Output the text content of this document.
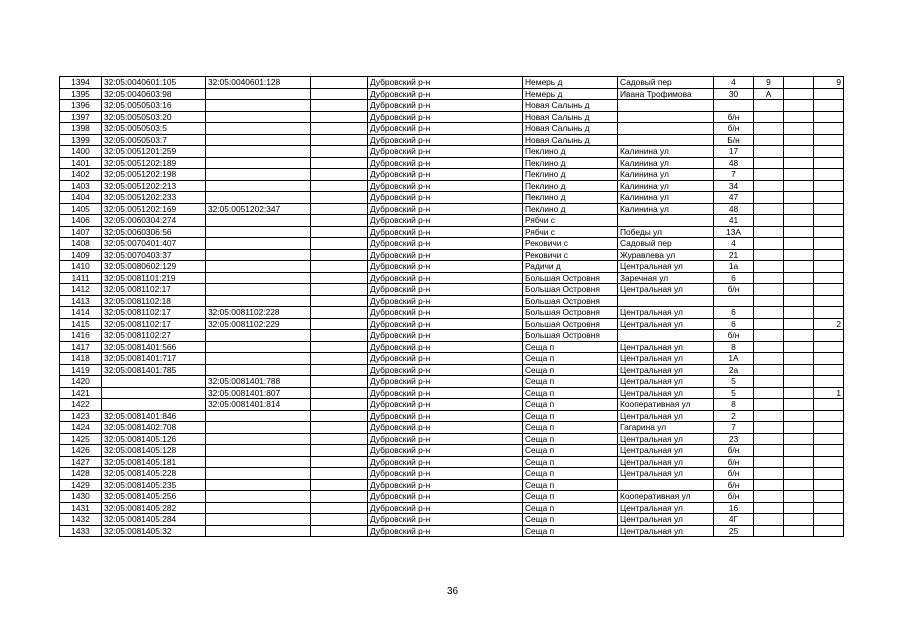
1394	32:05:0040601:105	32:05:0040601:128		Дубровский р-н	Немерь д	Садовый пер	4	9		9
1395	32:05:0040603:98			Дубровский р-н	Немерь д	Ивана Трофимова	30	А		
1396	32:05:0050503:16			Дубровский р-н	Новая Салынь д					
1397	32:05:0050503:20			Дубровский р-н	Новая Салынь д		б/н			
1398	32:05:0050503:5			Дубровский р-н	Новая Салынь д		б/н			
1399	32:05:0050503:7			Дубровский р-н	Новая Салынь д		Б/н			
1400	32:05:0051201:259			Дубровский р-н	Пеклино д	Калинина ул	17			
1401	32:05:0051202:189			Дубровский р-н	Пеклино д	Калинина ул	48			
1402	32:05:0051202:198			Дубровский р-н	Пеклино д	Калинина ул	7			
1403	32:05:0051202:213			Дубровский р-н	Пеклино д	Калинина ул	34			
1404	32:05:0051202:233			Дубровский р-н	Пеклино д	Калинина ул	47			
1405	32:05:0051202:169	32:05:0051202:347		Дубровский р-н	Пеклино д	Калинина ул	48			
1406	32:05:0060304:274			Дубровский р-н	Рябчи с		41			
1407	32:05:0060306:56			Дубровский р-н	Рябчи с	Победы ул	13А			
1408	32:05:0070401:407			Дубровский р-н	Рековичи с	Садовый пер	4			
1409	32:05:0070403:37			Дубровский р-н	Рековичи с	Журавлева ул	21			
1410	32:05:0080602:129			Дубровский р-н	Радичи д	Центральная ул	1а			
1411	32:05:0081101:219			Дубровский р-н	Большая Островня	Заречная ул	6			
1412	32:05:0081102:17			Дубровский р-н	Большая Островня	Центральная ул	б/н			
1413	32:05:0081102:18			Дубровский р-н	Большая Островня					
1414	32:05:0081102:17	32:05:0081102:228		Дубровский р-н	Большая Островня	Центральная ул	6			
1415	32:05:0081102:17	32:05:0081102:229		Дубровский р-н	Большая Островня	Центральная ул	6			2
1416	32:05:0081102:27			Дубровский р-н	Большая Островня		б/н			
1417	32:05:0081401:566			Дубровский р-н	Сеща п	Центральная ул	8			
1418	32:05:0081401:717			Дубровский р-н	Сеща п	Центральная ул	1А			
1419	32:05:0081401:785			Дубровский р-н	Сеща п	Центральная ул	2а			
1420		32:05:0081401:788		Дубровский р-н	Сеща п	Центральная ул	5			
1421		32:05:0081401:807		Дубровский р-н	Сеща п	Центральная ул	5			1
1422		32:05:0081401:814		Дубровский р-н	Сеща п	Кооперативная ул	8			
1423	32:05:0081401:846			Дубровский р-н	Сеща п	Центральная ул	2			
1424	32:05:0081402:708			Дубровский р-н	Сеща п	Гагарина ул	7			
1425	32:05:0081405:126			Дубровский р-н	Сеща п	Центральная ул	23			
1426	32:05:0081405:128			Дубровский р-н	Сеща п	Центральная ул	б/н			
1427	32:05:0081405:181			Дубровский р-н	Сеща п	Центральная ул	б/н			
1428	32:05:0081405:228			Дубровский р-н	Сеща п	Центральная ул	б/н			
1429	32:05:0081405:235			Дубровский р-н	Сеща п		б/н			
1430	32:05:0081405:256			Дубровский р-н	Сеща п	Кооперативная ул	б/н			
1431	32:05:0081405:282			Дубровский р-н	Сеща п	Центральная ул	16			
1432	32:05:0081405:284			Дубровский р-н	Сеща п	Центральная ул	4Г			
1433	32:05:0081405:32			Дубровский р-н	Сеща п	Центральная ул	25			
36
